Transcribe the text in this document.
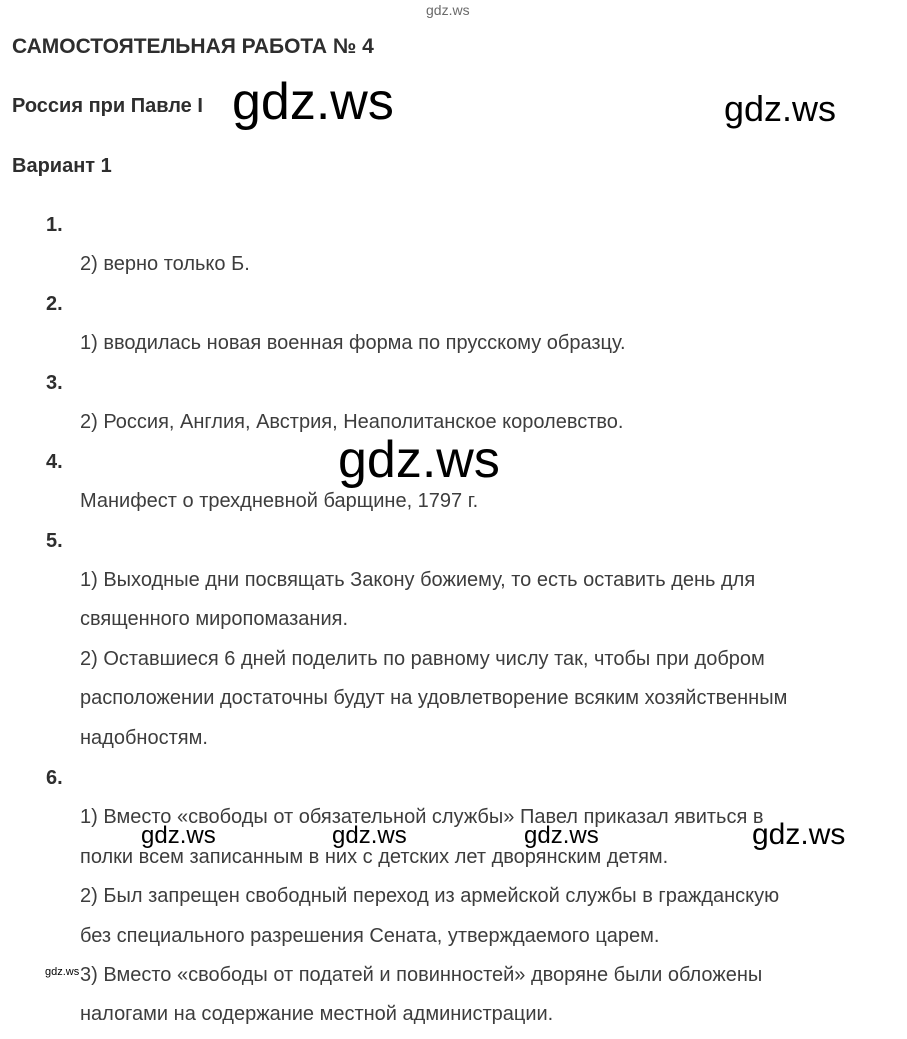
САМОСТОЯТЕЛЬНАЯ РАБОТА № 4
Россия при Павле I
Вариант 1
1.
2) верно только Б.
2.
1) вводилась новая военная форма по прусскому образцу.
3.
2) Россия, Англия, Австрия, Неаполитанское королевство.
4.
Манифест о трехдневной барщине, 1797 г.
5.
1) Выходные дни посвящать Закону божиему, то есть оставить день для
священного миропомазания.
2) Оставшиеся 6 дней поделить по равному числу так, чтобы при добром
расположении достаточны будут на удовлетворение всяким хозяйственным
надобностям.
6.
1) Вместо «свободы от обязательной службы» Павел приказал явиться в
полки всем записанным в них с детских лет дворянским детям.
2) Был запрещен свободный переход из армейской службы в гражданскую
без специального разрешения Сената, утверждаемого царем.
3) Вместо «свободы от податей и повинностей» дворяне были обложены
налогами на содержание местной администрации.
gdz.ws
gdz.ws	gdz.ws
gdz.ws
gdz.ws	gdz.ws	gdz.ws	gdz.ws
gdz.ws
